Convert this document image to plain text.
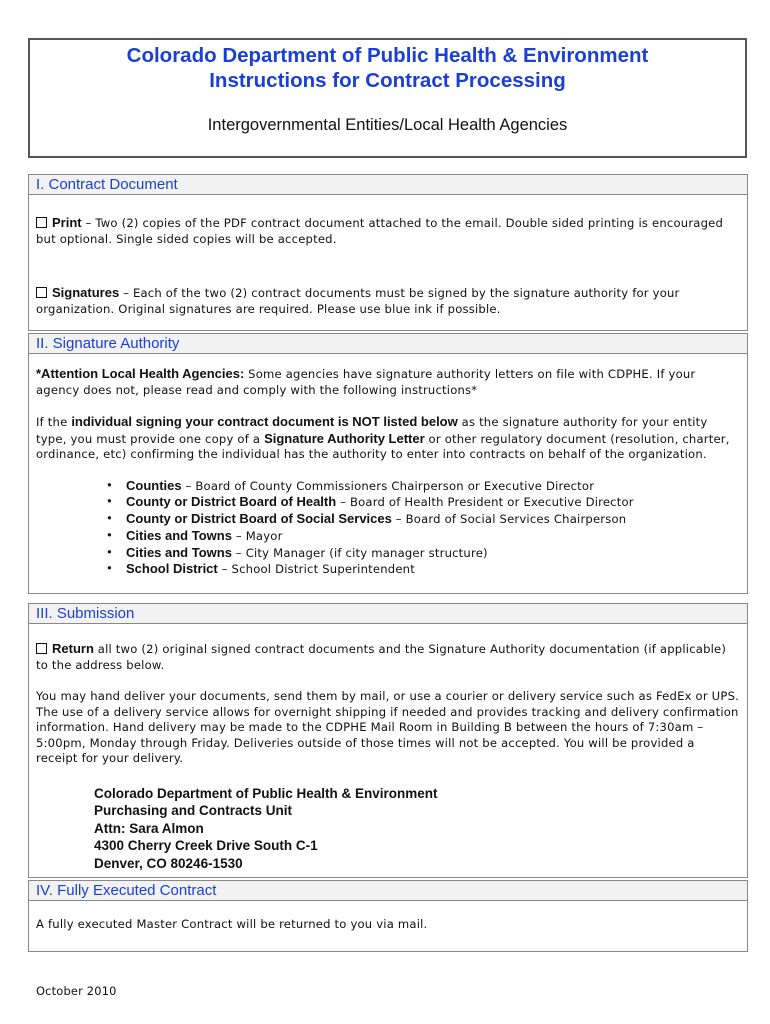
Colorado Department of Public Health & Environment
Instructions for Contract Processing
Intergovernmental Entities/Local Health Agencies
I. Contract Document
Print – Two (2) copies of the PDF contract document attached to the email. Double sided printing is encouraged but optional. Single sided copies will be accepted.
Signatures – Each of the two (2) contract documents must be signed by the signature authority for your organization. Original signatures are required. Please use blue ink if possible.
II. Signature Authority
*Attention Local Health Agencies: Some agencies have signature authority letters on file with CDPHE. If your agency does not, please read and comply with the following instructions*
If the individual signing your contract document is NOT listed below as the signature authority for your entity type, you must provide one copy of a Signature Authority Letter or other regulatory document (resolution, charter, ordinance, etc) confirming the individual has the authority to enter into contracts on behalf of the organization.
• Counties – Board of County Commissioners Chairperson or Executive Director
• County or District Board of Health – Board of Health President or Executive Director
• County or District Board of Social Services – Board of Social Services Chairperson
• Cities and Towns – Mayor
• Cities and Towns – City Manager (if city manager structure)
• School District – School District Superintendent
III. Submission
Return all two (2) original signed contract documents and the Signature Authority documentation (if applicable) to the address below.
You may hand deliver your documents, send them by mail, or use a courier or delivery service such as FedEx or UPS. The use of a delivery service allows for overnight shipping if needed and provides tracking and delivery confirmation information. Hand delivery may be made to the CDPHE Mail Room in Building B between the hours of 7:30am – 5:00pm, Monday through Friday. Deliveries outside of those times will not be accepted. You will be provided a receipt for your delivery.
Colorado Department of Public Health & Environment
Purchasing and Contracts Unit
Attn: Sara Almon
4300 Cherry Creek Drive South C-1
Denver, CO 80246-1530
IV. Fully Executed Contract
A fully executed Master Contract will be returned to you via mail.
October 2010
